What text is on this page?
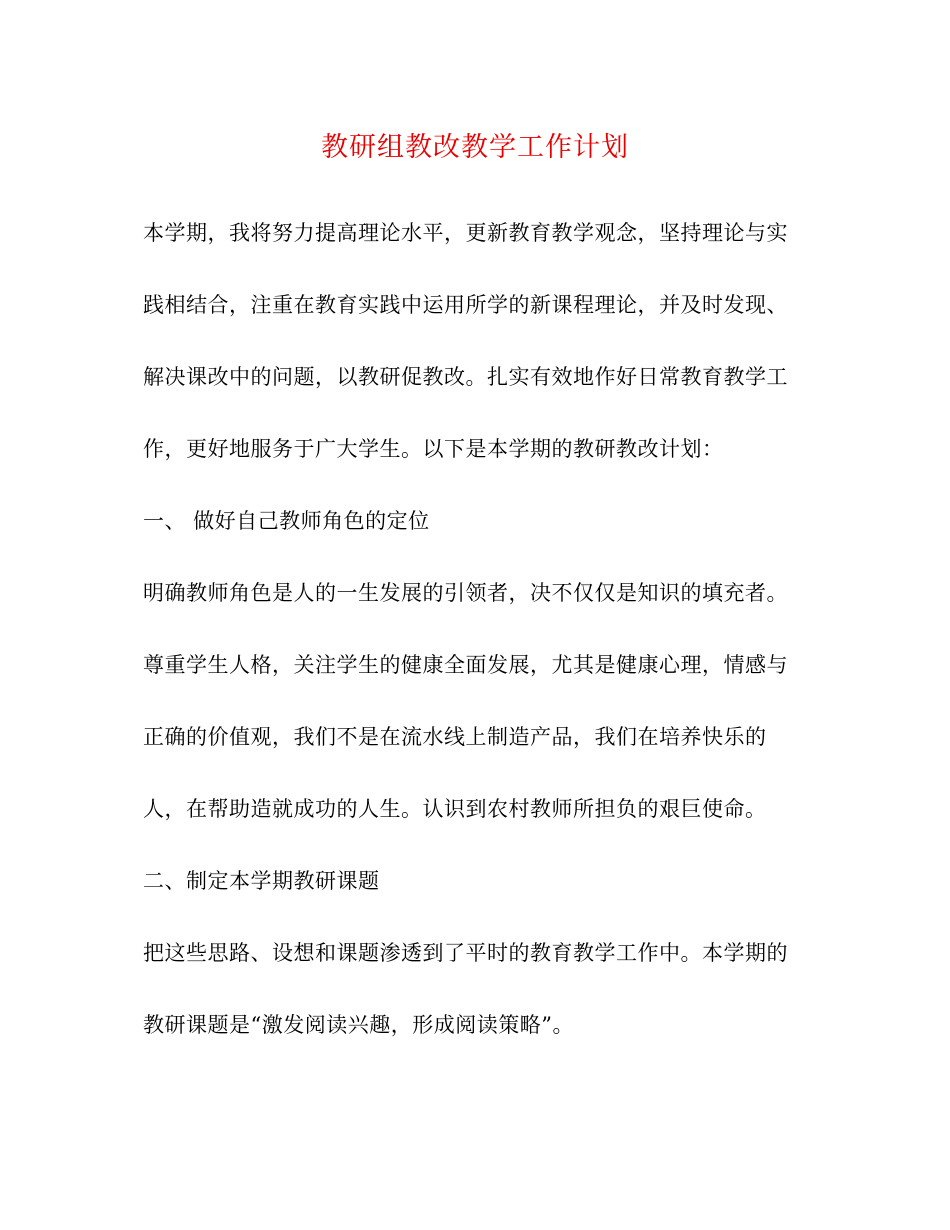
教研组教改教学工作计划
本学期，我将努力提高理论水平，更新教育教学观念，坚持理论与实
践相结合，注重在教育实践中运用所学的新课程理论，并及时发现、
解决课改中的问题，以教研促教改。扎实有效地作好日常教育教学工
作，更好地服务于广大学生。以下是本学期的教研教改计划：
一、 做好自己教师角色的定位
明确教师角色是人的一生发展的引领者，决不仅仅是知识的填充者。
尊重学生人格，关注学生的健康全面发展，尤其是健康心理，情感与
正确的价值观，我们不是在流水线上制造产品，我们在培养快乐的
人，在帮助造就成功的人生。认识到农村教师所担负的艰巨使命。
二、制定本学期教研课题
把这些思路、设想和课题渗透到了平时的教育教学工作中。本学期的
教研课题是“激发阅读兴趣，形成阅读策略”。
